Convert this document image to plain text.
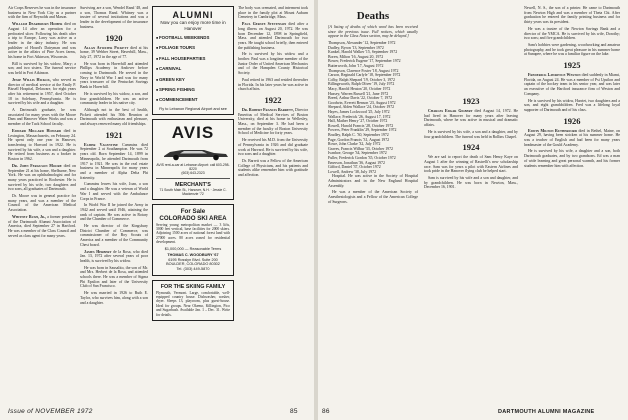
Air Corps Reserves he was in the insurance business in New York City as a partner with the firm of Reynolds and Mason.

William Dearbourn Homer died on August 14 after an operation for a perforated ulcer. Following his death after a trip to Europe, Larry was active as a leader in the dairy industry. He was publisher of Hoard's Dairyman and was active in the affairs of Pine Acres farms, his home in Fort Atkinson, Wisconsin.

Bill is survived by his widow, Mary; a son; and two sisters. The funeral service was held in Fort Atkinson.

Jesse Willis Hickox, who served as director of medical service at the Emily P. Bissell Hospital, Delaware, for eight years after his retirement in 1957, died October 18 in Solebury, Pennsylvania. He is survived by his wife and a daughter.

A Dartmouth graduate, he was associated for many years with the Moore Dam and Hanover Water Works and was a member of the Tuck School faculty.

Edward Millard Howard died in Lexington, Massachusetts, on February 24. He spent only one year in Hanover, transferring to Harvard in 1922. He is survived by his wife, a son and a daughter. He retired from business as a broker in Boston in 1962.

Dr. John Ferguson Moore died on September 21 at his home, Shelburne, New York. He was an ophthalmologist and for many years practiced in Rochester. He is survived by his wife, two daughters and two sons, all graduates of Dartmouth.

Dr. Moore was in general practice for many years, and was a member of the Council of the American Medical Association.

Whitney Rush, Jr., a former president of the Dartmouth Alumni Association of America, died September 27 in Hartford. He was a member of the Class Council and served as class agent for many years.

Surviving are a son, Wendel Rand '48, and a son, Thomas Rand. Whitney was a trustee of several institutions and was a leader in the development of the insurance business.

1920

Allan Atwater Pickett died at his home, 39 Webber Street, Haverhill, Mass., July 27, 1972 in the age of 77.

He was born in Haverhill and attended Phillips Academy in Andover before coming to Dartmouth. He served in the Navy in World War I and was for many years treasurer of the Pentucket Savings Bank in Haverhill.

He is survived by his widow, a son, and four grandchildren. He was an active community leader in his native city.

Although not in the best of health, Pickett attended his 50th Reunion at Dartmouth with enthusiasm and pleasure, and always renewed many old friendships.

1921

Elmer Valentine Cummins died September 2 at Southampton. He was 72 years old. Born September 14, 1899 in Minneapolis, he attended Dartmouth from 1917 to 1921. He was in the real estate business in Minneapolis for many years and a member of Alpha Delta Phi fraternity.

Cummins leaves his wife, Joan, a son and a daughter. He was a veteran of World War I and served with the Ambulance Corps in France.

In World War II he joined the Army in 1942 and served until 1946, attaining the rank of captain. He was active in Rotary and the Chamber of Commerce.

He was director of the Kingsbury District Chamber of Commerce, was commissioner of the Boy Scouts of America and a member of the Community Chest board.

James Herbert de la Rosa, who died Jan. 13, 1972 after several years of poor health, is survived by his widow.

He was born in Sausalito, the son of Mr. and Mrs. Herbert de la Rosa, and attended schools there. He was a member of Sigma Phi Epsilon and later of the University Club of San Francisco.

He was married in 1926 to Ruth E. Taylor, who survives him, along with a son and a daughter.

ALUMNI
Now you can enjoy more time in Hanover
■ FOOTBALL WEEKENDS
■ FOLIAGE TOURS
■ FALL HOUSEPARTIES
■ CARNIVAL
■ GREEN KEY
■ SPRING FISHING
■ COMMENCEMENT
Fly to Lebanon Regional Airport and see
AVIS
AVIS rent-a-car at Lebanon Airport: call 603-298-8220
(603) 643-2323
MERCHANT'S
71 South Main St., Hanover, N.H. · Jessie C. Mackenzie '72
For Sale
COLORADO SKI AREA
Serving young metropolitan market — 3 lifts, 3000 feet vertical, base facilities for 2000 skiers. Adjoining 1500 acres of national forest land with 27000 acres. 80 acres zoned for residential development.
$1,000,000 — Reasonable Terms
THOMAS C. WOODBURY '67
6195 Rosslyn Blvd. Suite 200
BOULDER, COLORADO 80302
Tel. (303) 449-5870
FOR THE SKIING FAMILY
Plymouth, Vermont. Large, comfortable, well-equipped country house. Dishwasher, washer, dryer. Sleeps 13, playroom, plus guest-house. Ideal for groups. Near Okemo, Killington, Pico and Sugarbush. Available Jan. 1 – Dec. 31. Write for details.

The body was cremated, and interment took place in the family plot at Mount Auburn Cemetery in Cambridge, Mass.

Paul Gerste Stevenson died after a long illness on August 20, 1972. He was born December 12, 1898 in Springfield, Mass. and attended Dartmouth for two years. He taught school briefly, then entered the publishing business.

He is survived by his widow and a brother. Paul was a longtime member of the Junior Order of United American Mechanics and of the Hampden County Historical Society.

Paul retired in 1963 and resided thereafter in Florida. In his later years he was active in church affairs.

1922

Dr. Robert Francis Barrett, Director Emeritus of Medical Services of Boston University, died at his home in Wellesley, Mass., on September 3. He had been a member of the faculty of Boston University School of Medicine for forty years.

He received his M.D. from the University of Pennsylvania in 1926 and did graduate work at Harvard. He is survived by his wife, two sons and a daughter.

Dr. Barrett was a Fellow of the American College of Physicians, and his patients and students alike remember him with gratitude and affection.

Issue of NOVEMBER 1972	85	86
Deaths

[A listing of deaths of which word has been received since the previous issue. Full notices, which usually appear in the Class Notes section, may be delayed.]

Thompson, Alexander '12, September 1972
Dudley, Byron '13, September 1972
Kunkel, Harold Walker '15, September 1972
Boren, Milton '16, August 20, 1972
Bower, Frederick Eugene '17, September 1972
Butterworth, John '17, August 1972
Thompson, Clarence Foster '18, August 1972
Carson, Reginald Carlyle '18, September 1972
Colby, Ralph Shepard '19, October 3, 1972
Billingsworth, Ralph Oliver '19, July 1972
Macy, Harold Heaton '20, October 1972
Hussey, Warren Russell '21, June 1972
Breed, Arthur Davis '22, October 7, 1972
Goodwin, Everett Benson '23, August 1972
Shepard, Alden Wallace '24, October 1972
Hayes, James Lockwood '25, July 1972
Wallace, Frederick '26, August 17, 1972
Hall, Mather Henry '27, October 1972
Rowell, Harold Francis '28, October 1972
Powers, Peter Franklin '29, September 1972
Bradley, Ralph C. '30, September 1972
Page, Gordon Francis '31, August 1972
Rowe, John Clarke '32, July 1972
Graves, Francis Wilbur '33, October 1972
Ivanhoe, George '34, September 1972
Fuller, Frederick Gordon '35, October 1972
Emerson, Jonathan '36, August 1972
Gifford, Daniel '37, October 1972
Lowell, Andrew '38, July 1972

Hospital. He was active in the Society of Hospital Administrators and in the New England Hospital Assembly.

He was a member of the American Society of Anesthesiologists and a Fellow of the American College of Surgeons.

1923

Charles Edgar Gilbert died August 14, 1972. He had lived in Hanover for many years after leaving Dartmouth, where he was active in musical and dramatic affairs.

He is survived by his wife, a son and a daughter, and by four grandchildren. The funeral was held in Rollins Chapel.

1924

We are sad to report the death of Sam Henry Kaye on August 1 after the winning of Rastrelli's new scholarship race. Sam was for years a pilot with Eastern Airlines and took pride in the Hanover flying club he helped start.

Sam is survived by his wife and a son and daughter, and by grandchildren. He was born in Newton, Mass., December 16, 1901.

Newell, N. S., the son of a printer. He came to Dartmouth from Newton High and was a member of Theta Chi. After graduation he entered the family printing business and for thirty years was its president.

He was a trustee of the Newton Savings Bank and a director of the YMCA. He is survived by his wife, Dorothy; two sons; and five grandchildren.

Sam's hobbies were gardening, woodworking and amateur photography, and he took great pleasure in his summer home at Sunapee, where he was a familiar figure on the lake.

1925

Frederick Lawrence Weston died suddenly in Miami, Florida, on August 24. He was a member of Psi Upsilon and captain of the hockey team in his senior year, and was later an executive of the Hartford insurance firm of Weston and Company.

He is survived by his widow, Harriet, two daughters and a son, and eight grandchildren. Fred was a lifelong loyal supporter of Dartmouth and of his class.

1926

Edwin Milton Rutherford died in Bethel, Maine, on August 29, having been stricken at his summer home. He was a teacher of English and had been for many years headmaster of the Gould Academy.

He is survived by his wife, a daughter and a son, both Dartmouth graduates, and by two grandsons. Ed was a man of wide learning and great personal warmth, and his former students remember him with affection.

DARTMOUTH ALUMNI MAGAZINE
